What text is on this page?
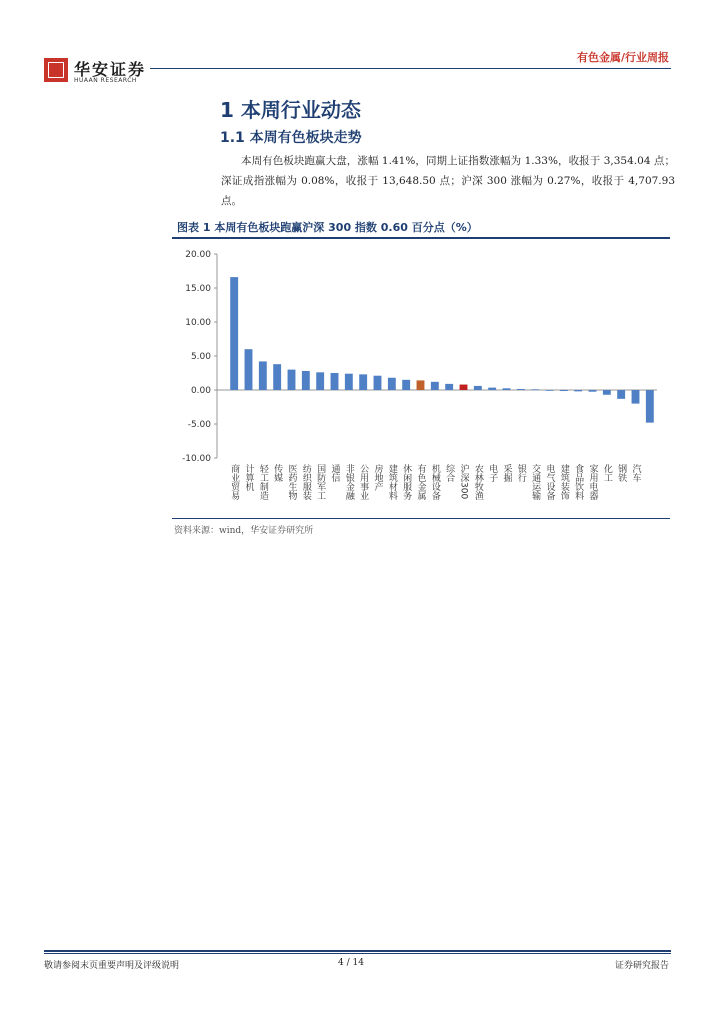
华安证券
HUAAN RESEARCH
有色金属/行业周报
1 本周行业动态
1.1 本周有色板块走势
本周有色板块跑赢大盘，涨幅 1.41%，同期上证指数涨幅为 1.33%，收报于 3,354.04 点；深证成指涨幅为 0.08%，收报于 13,648.50 点；沪深 300 涨幅为 0.27%，收报于 4,707.93 点。
图表 1 本周有色板块跑赢沪深 300 指数 0.60 百分点（%）
20.00
15.00
10.00
5.00
0.00
-5.00
-10.00
商业贸易 计算机 轻工制造 传媒 医药生物 纺织服装 国防军工 通信 非银金融 公用事业 房地产 建筑材料 休闲服务 有色金属 机械设备 综合 沪深300 农林牧渔 电子 采掘 银行 交通运输 电气设备 建筑装饰 食品饮料 家用电器 化工 钢铁 汽车
资料来源：wind，华安证券研究所
敬请参阅末页重要声明及评级说明	4 / 14	证券研究报告
